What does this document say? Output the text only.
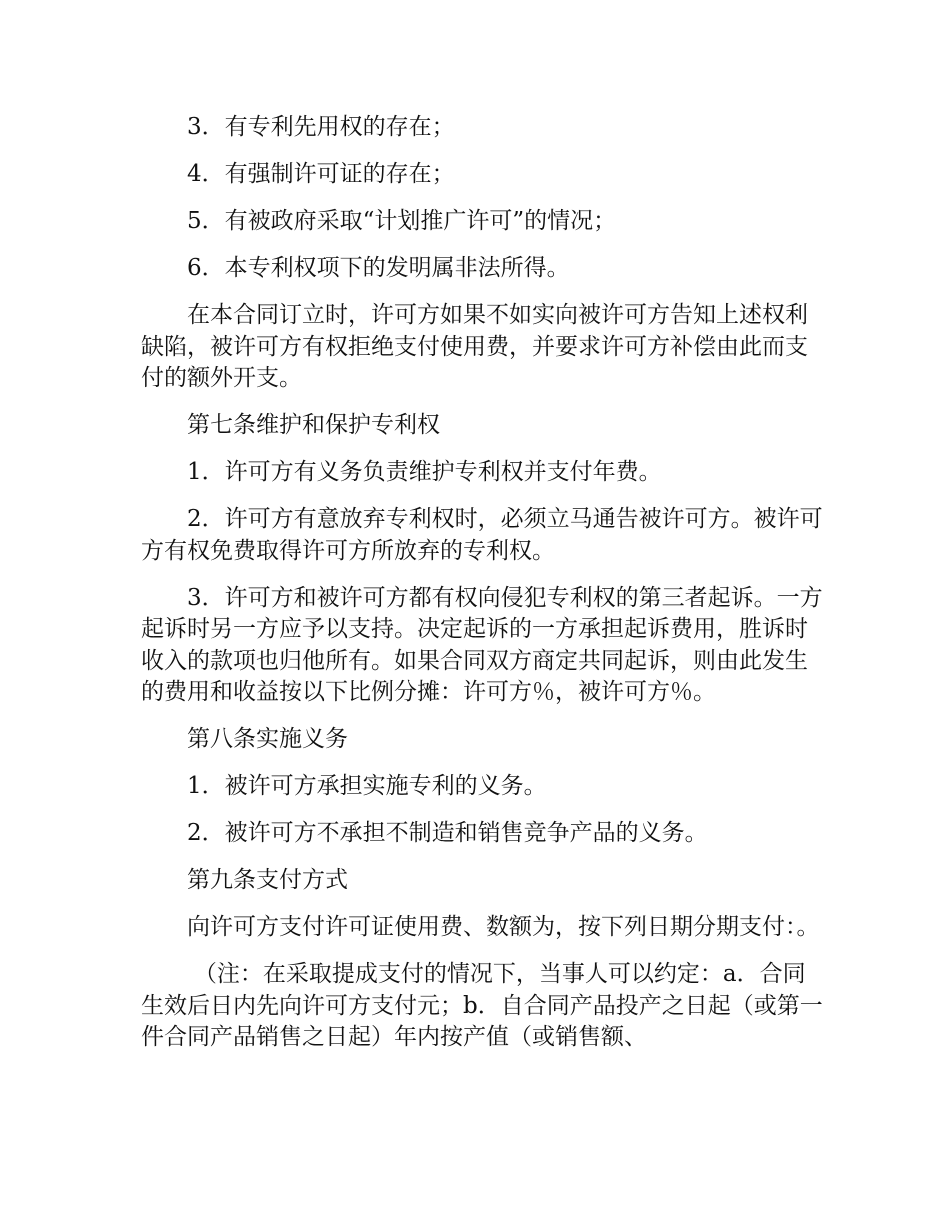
3．有专利先用权的存在；

4．有强制许可证的存在；

5．有被政府采取“计划推广许可”的情况；

6．本专利权项下的发明属非法所得。

在本合同订立时，许可方如果不如实向被许可方告知上述权利缺陷，被许可方有权拒绝支付使用费，并要求许可方补偿由此而支付的额外开支。

第七条维护和保护专利权

1．许可方有义务负责维护专利权并支付年费。

2．许可方有意放弃专利权时，必须立马通告被许可方。被许可方有权免费取得许可方所放弃的专利权。

3．许可方和被许可方都有权向侵犯专利权的第三者起诉。一方起诉时另一方应予以支持。决定起诉的一方承担起诉费用，胜诉时收入的款项也归他所有。如果合同双方商定共同起诉，则由此发生的费用和收益按以下比例分摊：许可方％，被许可方％。

第八条实施义务

1．被许可方承担实施专利的义务。

2．被许可方不承担不制造和销售竞争产品的义务。

第九条支付方式

向许可方支付许可证使用费、数额为，按下列日期分期支付：。

（注：在采取提成支付的情况下，当事人可以约定：a．合同生效后日内先向许可方支付元；b．自合同产品投产之日起（或第一件合同产品销售之日起）年内按产值（或销售额、
